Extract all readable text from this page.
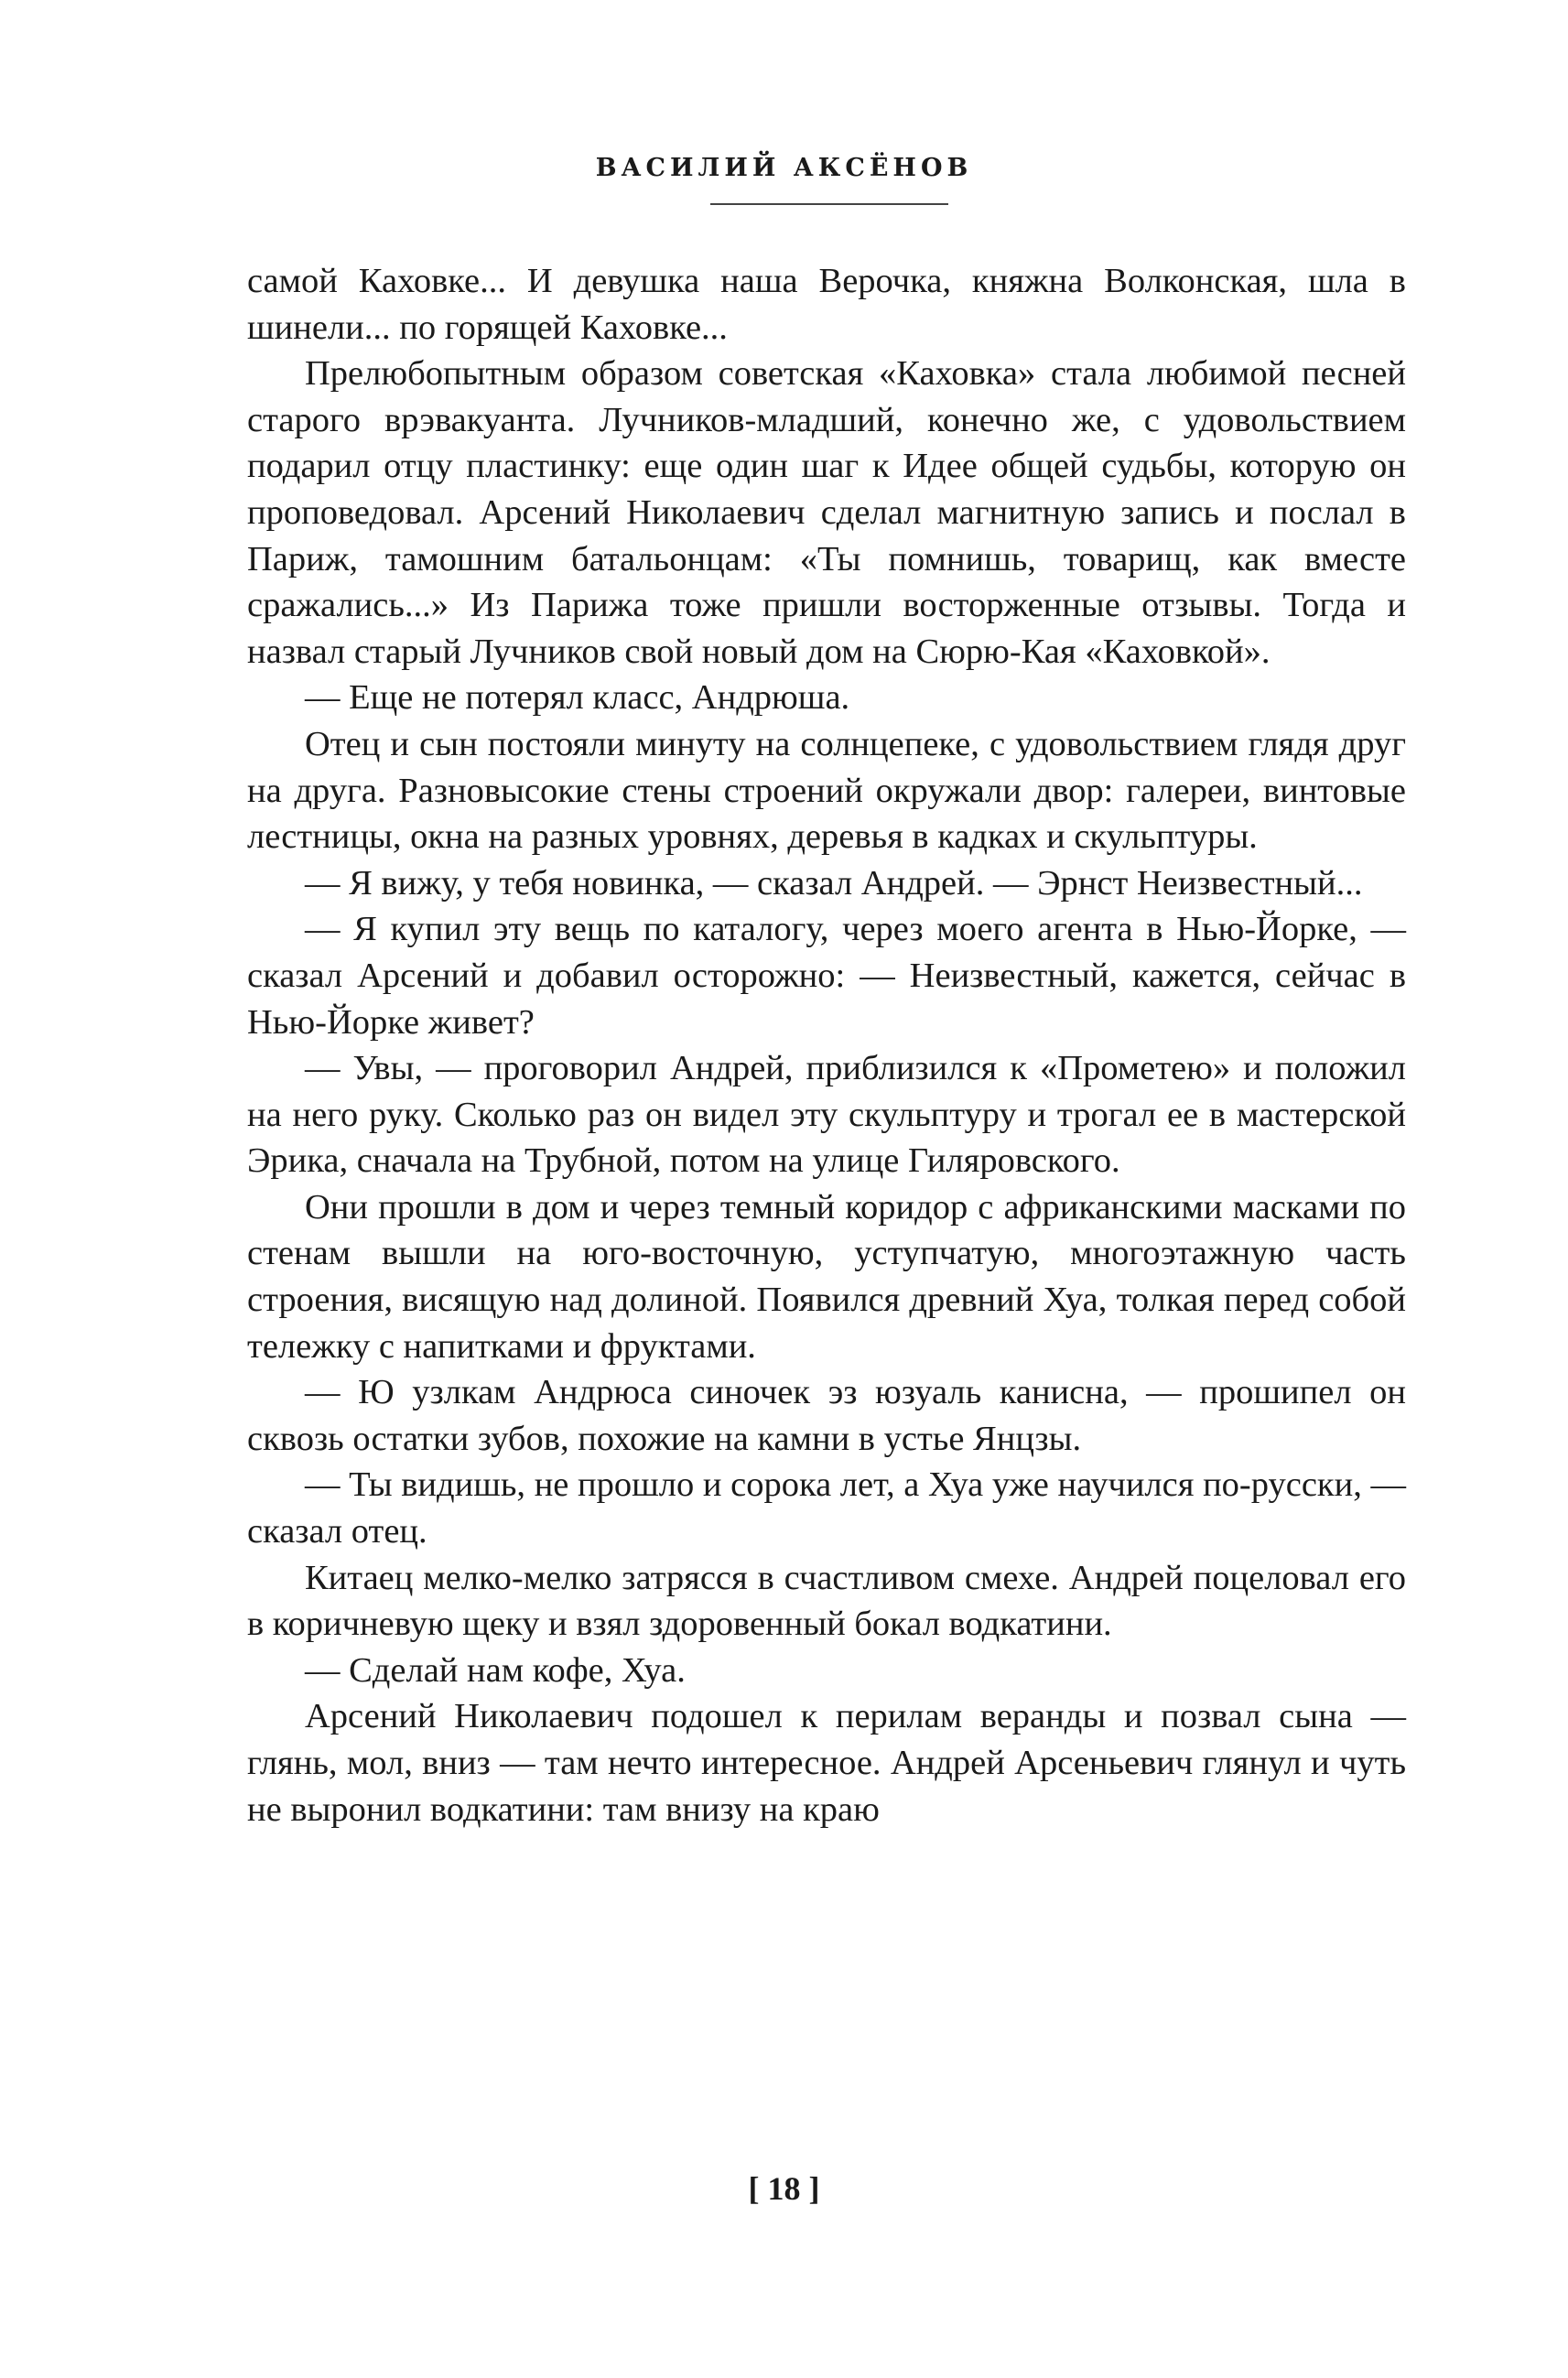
ВАСИЛИЙ АКСЁНОВ

самой Каховке... И девушка наша Верочка, княжна Волконская, шла в шинели... по горящей Каховке...

Прелюбопытным образом советская «Каховка» стала любимой песней старого врэвакуанта. Лучников-младший, конечно же, с удовольствием подарил отцу пластинку: еще один шаг к Идее общей судьбы, которую он проповедовал. Арсений Николаевич сделал магнитную запись и послал в Париж, тамошним батальонцам: «Ты помнишь, товарищ, как вместе сражались...» Из Парижа тоже пришли восторженные отзывы. Тогда и назвал старый Лучников свой новый дом на Сюрю-Кая «Каховкой».

— Еще не потерял класс, Андрюша.

Отец и сын постояли минуту на солнцепеке, с удовольствием глядя друг на друга. Разновысокие стены строений окружали двор: галереи, винтовые лестницы, окна на разных уровнях, деревья в кадках и скульптуры.

— Я вижу, у тебя новинка, — сказал Андрей. — Эрнст Неизвестный...

— Я купил эту вещь по каталогу, через моего агента в Нью-Йорке, — сказал Арсений и добавил осторожно: — Неизвестный, кажется, сейчас в Нью-Йорке живет?

— Увы, — проговорил Андрей, приблизился к «Прометею» и положил на него руку. Сколько раз он видел эту скульптуру и трогал ее в мастерской Эрика, сначала на Трубной, потом на улице Гиляровского.

Они прошли в дом и через темный коридор с африканскими масками по стенам вышли на юго-восточную, уступчатую, многоэтажную часть строения, висящую над долиной. Появился древний Хуа, толкая перед собой тележку с напитками и фруктами.

— Ю узлкам Андрюса синочек эз юзуаль канисна, — прошипел он сквозь остатки зубов, похожие на камни в устье Янцзы.

— Ты видишь, не прошло и сорока лет, а Хуа уже научился по-русски, — сказал отец.

Китаец мелко-мелко затрясся в счастливом смехе. Андрей поцеловал его в коричневую щеку и взял здоровенный бокал водкатини.

— Сделай нам кофе, Хуа.

Арсений Николаевич подошел к перилам веранды и позвал сына — глянь, мол, вниз — там нечто интересное. Андрей Арсеньевич глянул и чуть не выронил водкатини: там внизу на краю

[ 18 ]
